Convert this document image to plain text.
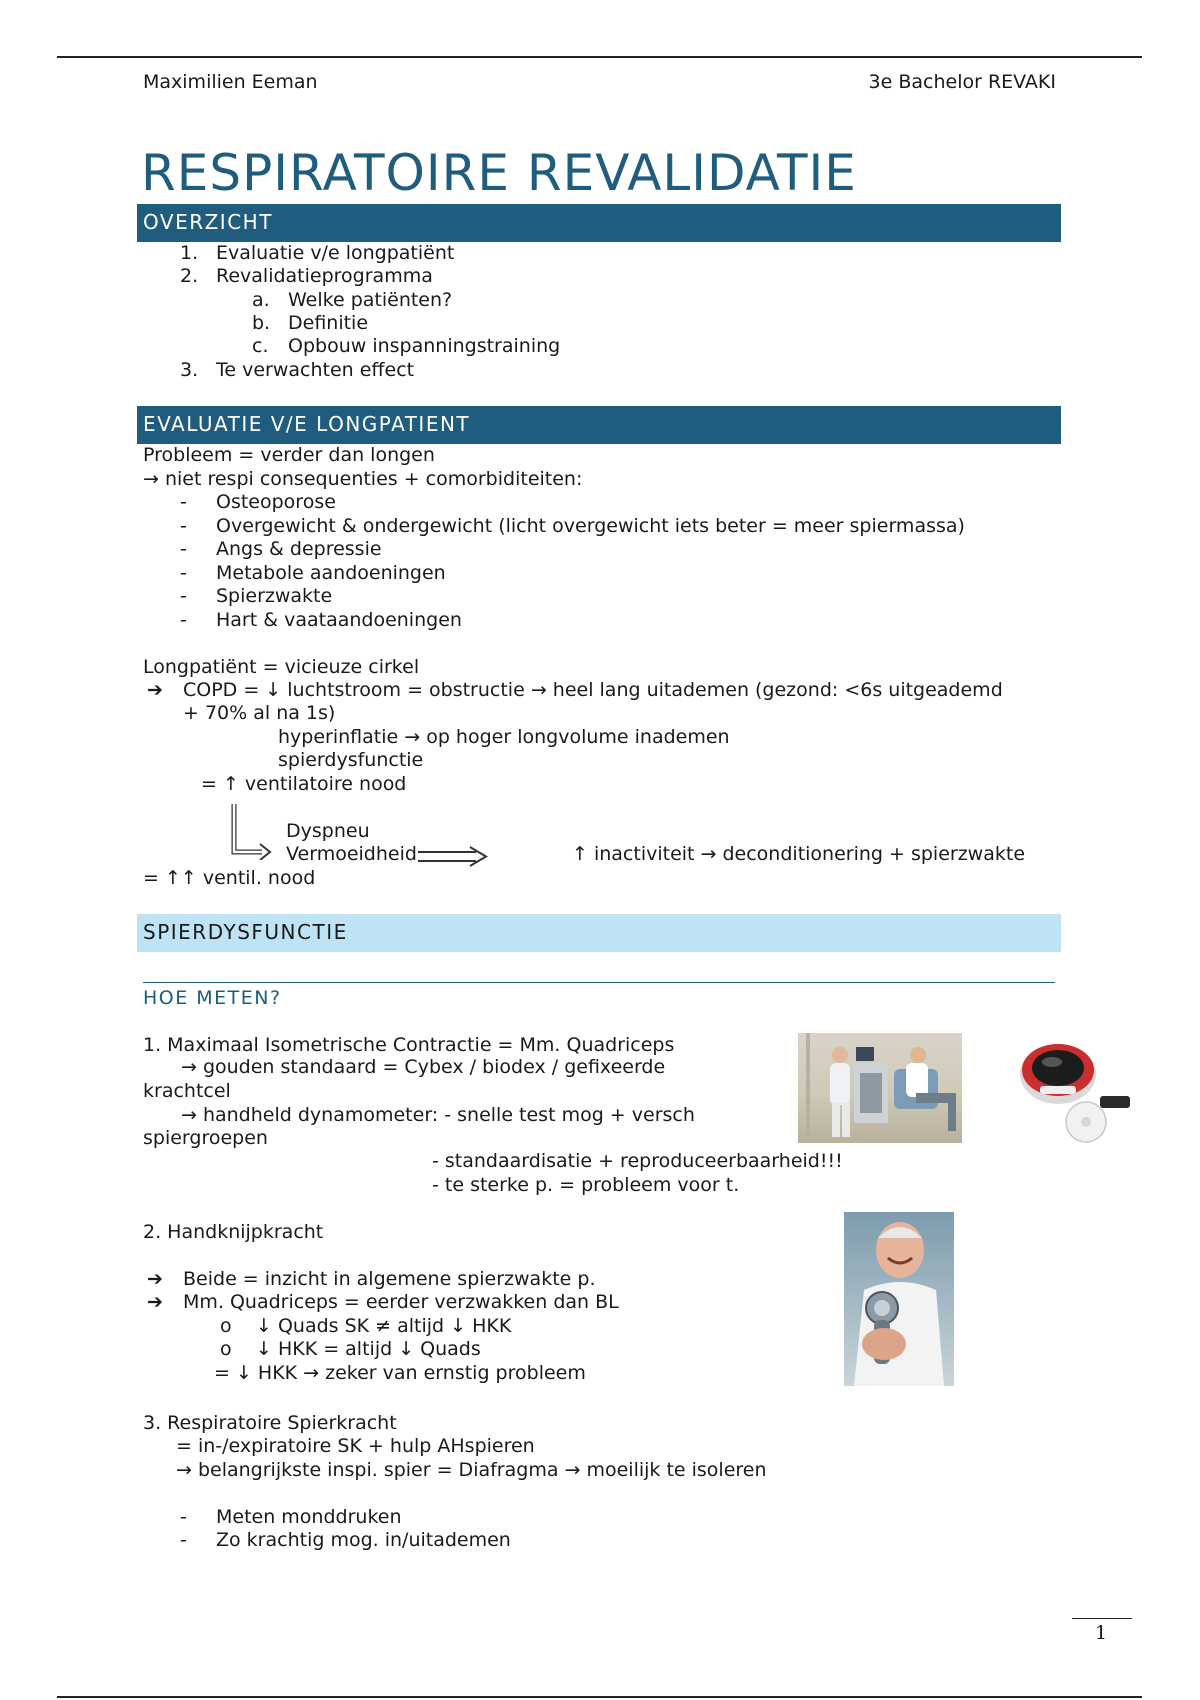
Maximilien Eeman	3e Bachelor REVAKI
RESPIRATOIRE REVALIDATIE
OVERZICHT
1. Evaluatie v/e longpatiënt
2. Revalidatieprogramma
a. Welke patiënten?
b. Definitie
c. Opbouw inspanningstraining
3. Te verwachten effect
EVALUATIE V/E LONGPATIENT
Probleem = verder dan longen
→ niet respi consequenties + comorbiditeiten:
- Osteoporose
- Overgewicht & ondergewicht (licht overgewicht iets beter = meer spiermassa)
- Angs & depressie
- Metabole aandoeningen
- Spierzwakte
- Hart & vaataandoeningen
Longpatiënt = vicieuze cirkel
➔ COPD = ↓ luchtstroom = obstructie → heel lang uitademen (gezond: <6s uitgeademd
+ 70% al na 1s)
hyperinflatie → op hoger longvolume inademen
spierdysfunctie
= ↑ ventilatoire nood
Dyspneu
Vermoeidheid	↑ inactiviteit → deconditionering + spierzwakte
= ↑↑ ventil. nood
SPIERDYSFUNCTIE
HOE METEN?
1. Maximaal Isometrische Contractie = Mm. Quadriceps
→ gouden standaard = Cybex / biodex / gefixeerde
krachtcel
→ handheld dynamometer: - snelle test mog + versch
spiergroepen
- standaardisatie + reproduceerbaarheid!!!
- te sterke p. = probleem voor t.
2. Handknijpkracht
➔ Beide = inzicht in algemene spierzwakte p.
➔ Mm. Quadriceps = eerder verzwakken dan BL
o ↓ Quads SK ≠ altijd ↓ HKK
o ↓ HKK = altijd ↓ Quads
= ↓ HKK → zeker van ernstig probleem
3. Respiratoire Spierkracht
= in-/expiratoire SK + hulp AHspieren
→ belangrijkste inspi. spier = Diafragma → moeilijk te isoleren
- Meten monddruken
- Zo krachtig mog. in/uitademen
1
